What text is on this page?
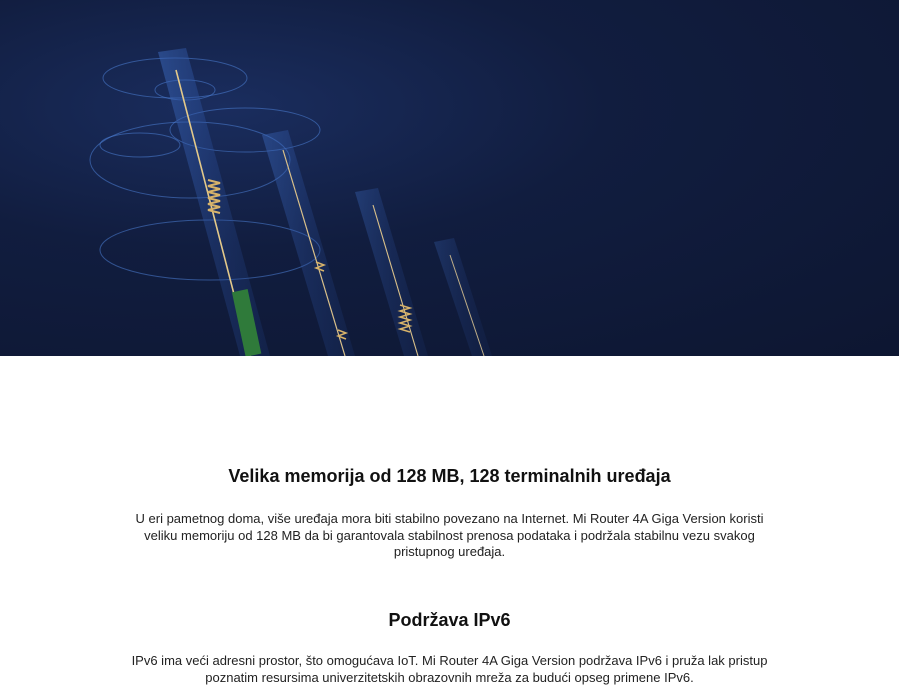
Velika memorija od 128 MB, 128 terminalnih uređaja

U eri pametnog doma, više uređaja mora biti stabilno povezano na Internet. Mi Router 4A Giga Version koristi veliku memoriju od 128 MB da bi garantovala stabilnost prenosa podataka i podržala stabilnu vezu svakog pristupnog uređaja.

Podržava IPv6

IPv6 ima veći adresni prostor, što omogućava IoT. Mi Router 4A Giga Version podržava IPv6 i pruža lak pristup poznatim resursima univerzitetskih obrazovnih mreža za budući opseg primene IPv6.
